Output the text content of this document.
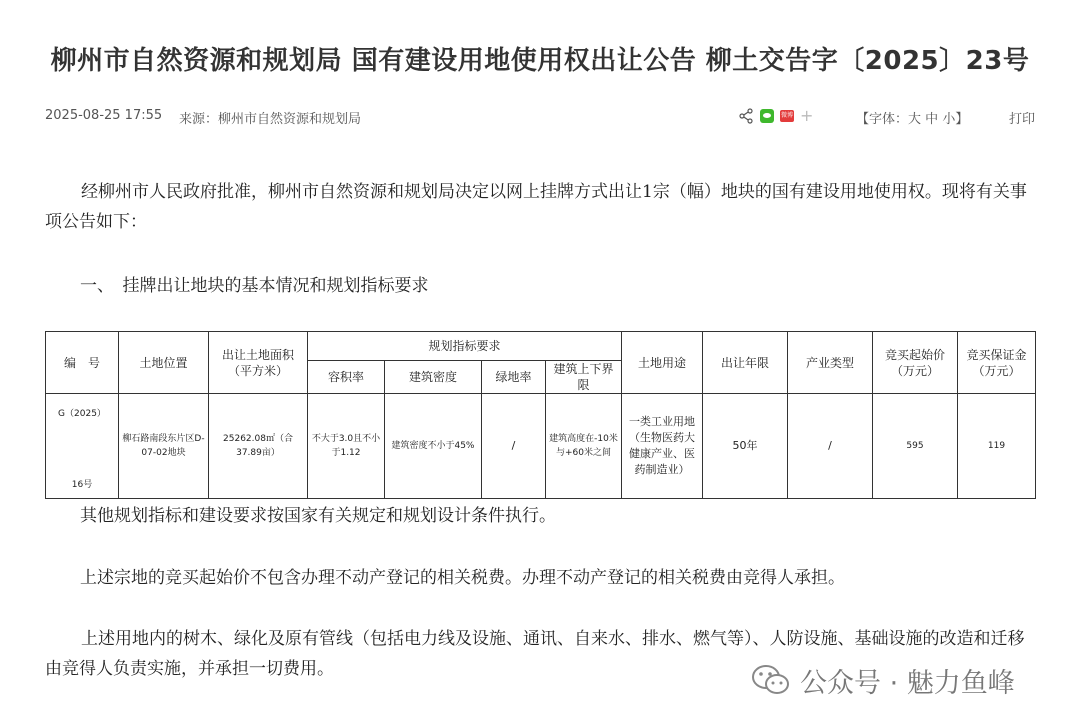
柳州市自然资源和规划局 国有建设用地使用权出让公告 柳土交告字〔2025〕23号
2025-08-25 17:55 来源：柳州市自然资源和规划局	微博 +	【字体：大 中 小】	打印
经柳州市人民政府批准，柳州市自然资源和规划局决定以网上挂牌方式出让1宗（幅）地块的国有建设用地使用权。现将有关事项公告如下：
一、　挂牌出让地块的基本情况和规划指标要求
编　号	土地位置	出让土地面积（平方米）	规划指标要求				土地用途	出让年限	产业类型	竞买起始价（万元）	竞买保证金（万元）
			容积率	建筑密度	绿地率	建筑上下界限					

G（2025）
16号	柳石路南段东片区D-07-02地块	25262.08㎡（合37.89亩）	不大于3.0且不小于1.12	建筑密度不小于45%	/	建筑高度在-10米与+60米之间	一类工业用地（生物医药大健康产业、医药制造业）	50年	/	595	119
其他规划指标和建设要求按国家有关规定和规划设计条件执行。
上述宗地的竞买起始价不包含办理不动产登记的相关税费。办理不动产登记的相关税费由竞得人承担。
上述用地内的树木、绿化及原有管线（包括电力线及设施、通讯、自来水、排水、燃气等）、人防设施、基础设施的改造和迁移由竞得人负责实施，并承担一切费用。	公众号 · 魅力鱼峰
